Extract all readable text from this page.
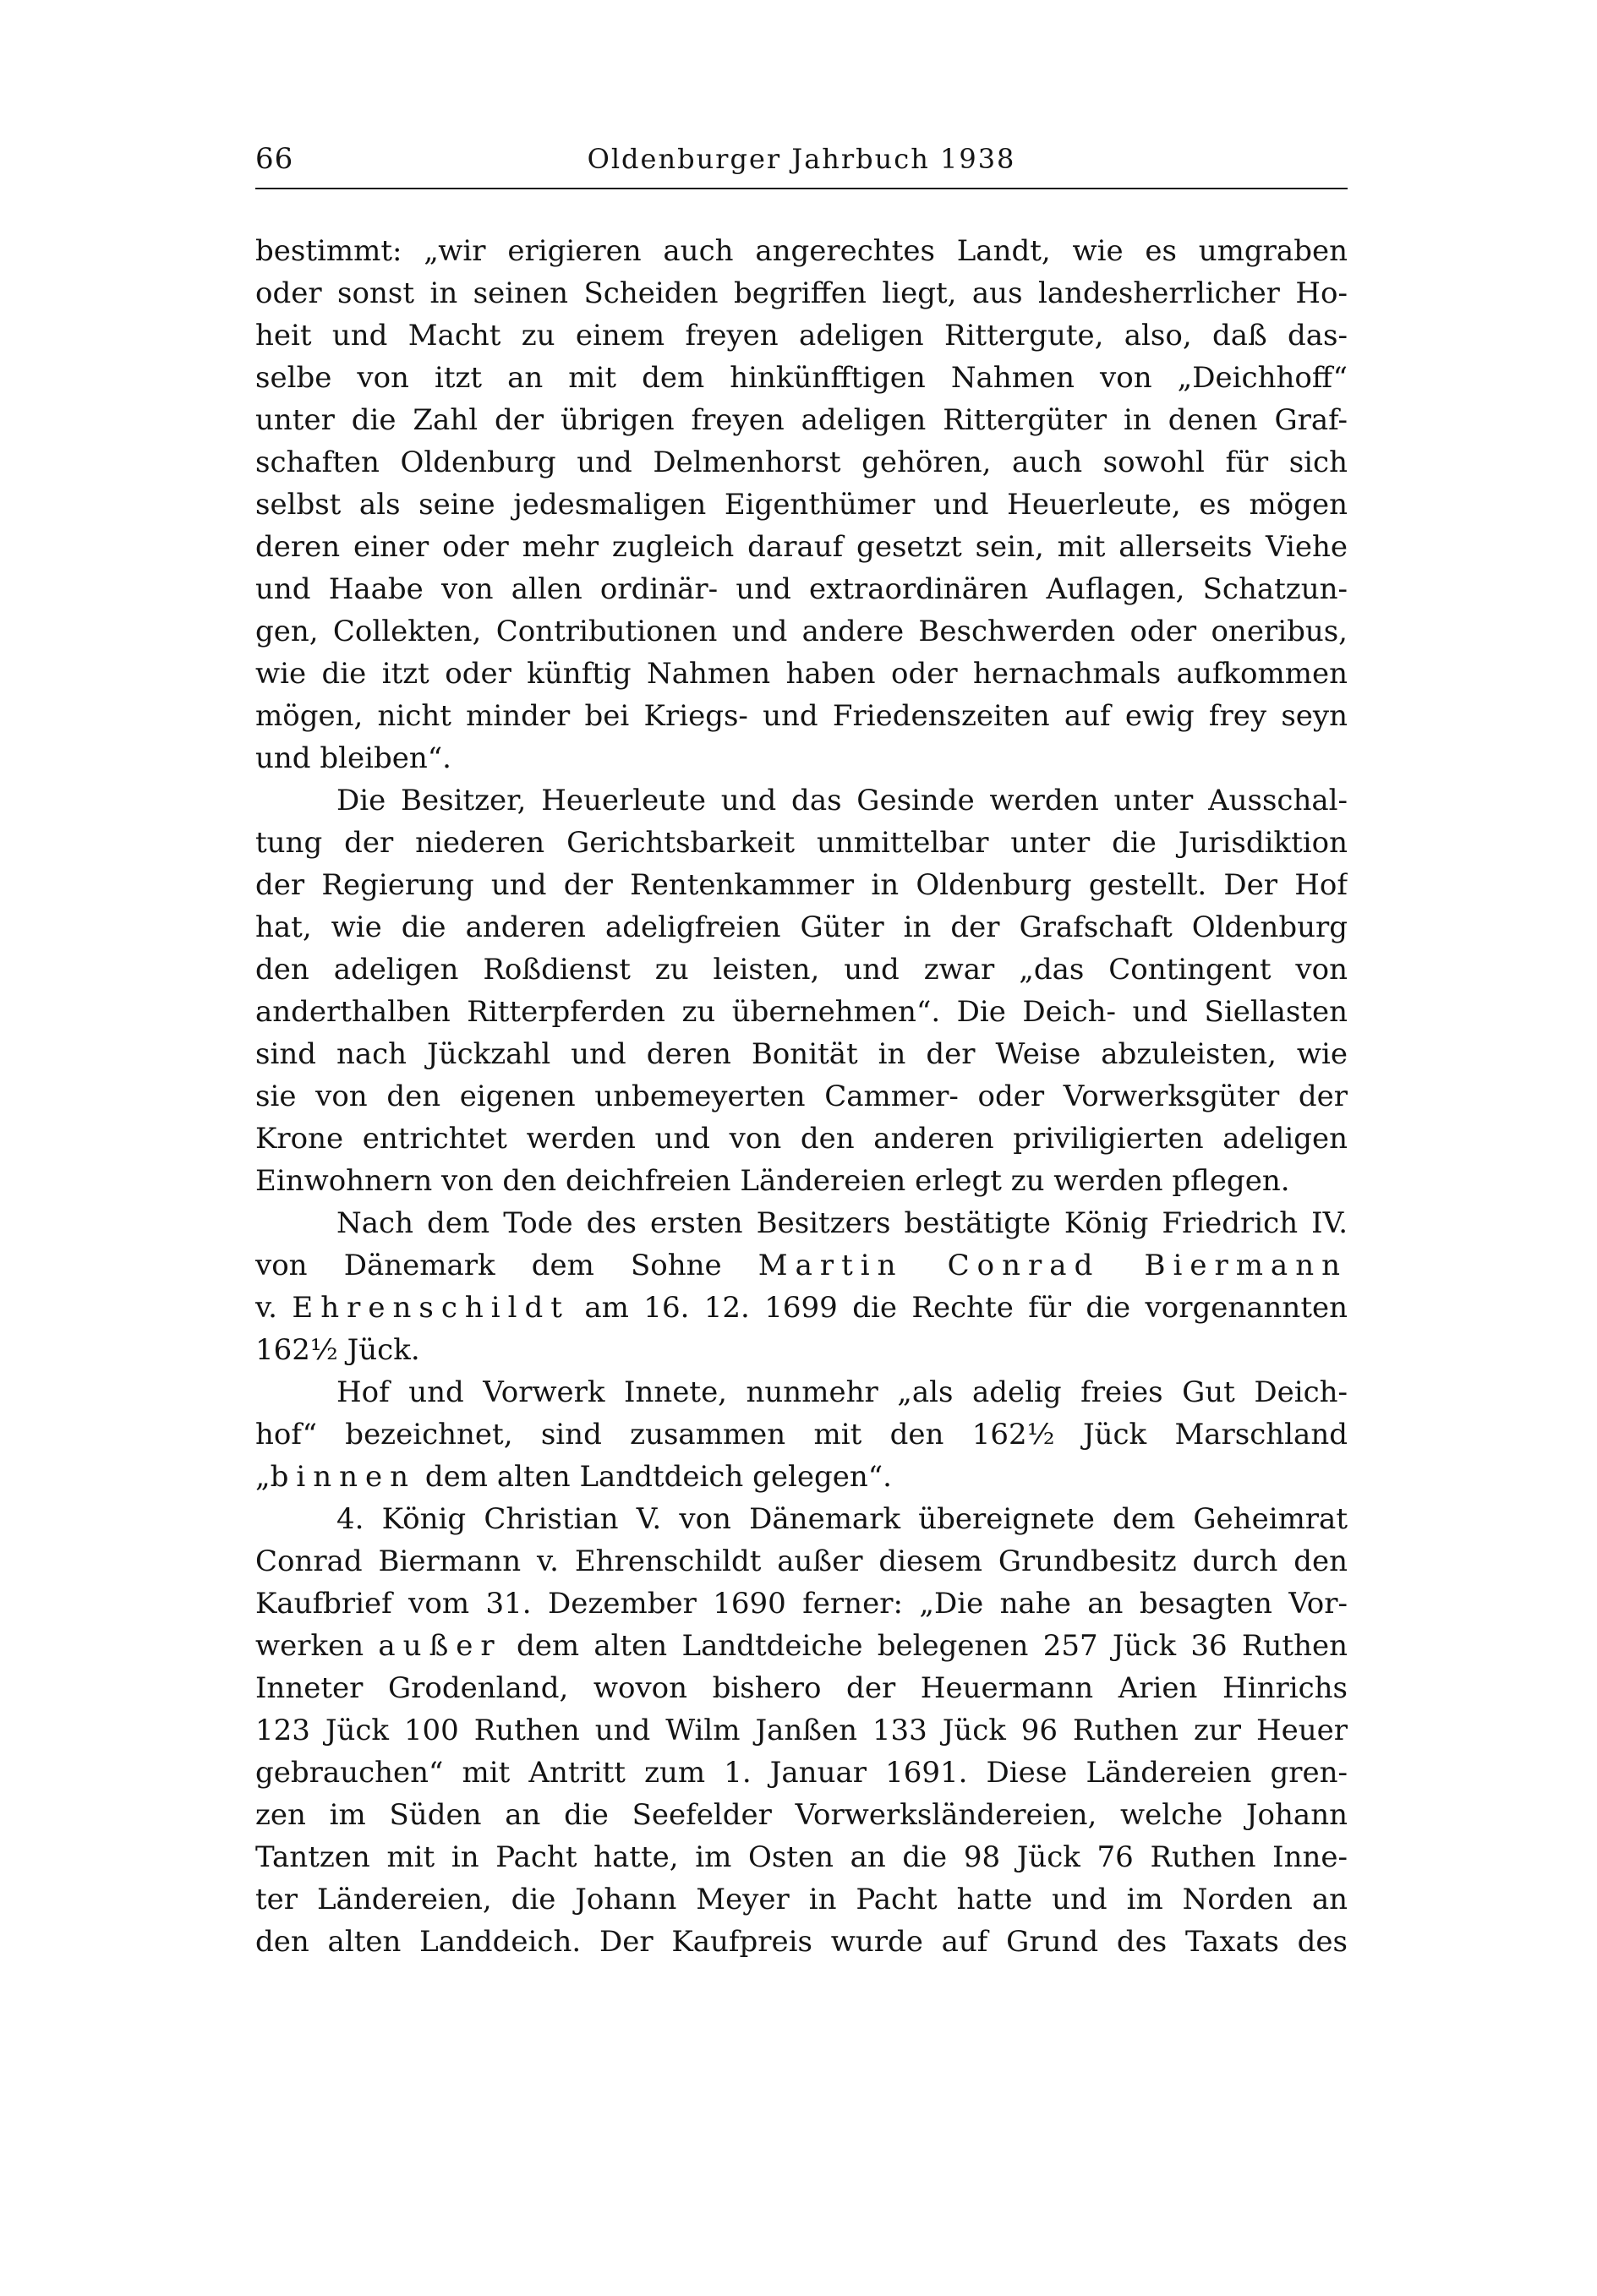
66	Oldenburger Jahrbuch 1938
bestimmt: „wir erigieren auch angerechtes Landt, wie es umgraben
oder sonst in seinen Scheiden begriffen liegt, aus landesherrlicher Ho-
heit und Macht zu einem freyen adeligen Rittergute, also, daß das-
selbe von itzt an mit dem hinkünfftigen Nahmen von „Deichhoff“
unter die Zahl der übrigen freyen adeligen Rittergüter in denen Graf-
schaften Oldenburg und Delmenhorst gehören, auch sowohl für sich
selbst als seine jedesmaligen Eigenthümer und Heuerleute, es mögen
deren einer oder mehr zugleich darauf gesetzt sein, mit allerseits Viehe
und Haabe von allen ordinär- und extraordinären Auflagen, Schatzun-
gen, Collekten, Contributionen und andere Beschwerden oder oneribus,
wie die itzt oder künftig Nahmen haben oder hernachmals aufkommen
mögen, nicht minder bei Kriegs- und Friedenszeiten auf ewig frey seyn
und bleiben“.
Die Besitzer, Heuerleute und das Gesinde werden unter Ausschal-
tung der niederen Gerichtsbarkeit unmittelbar unter die Jurisdiktion
der Regierung und der Rentenkammer in Oldenburg gestellt. Der Hof
hat, wie die anderen adeligfreien Güter in der Grafschaft Oldenburg
den adeligen Roßdienst zu leisten, und zwar „das Contingent von
anderthalben Ritterpferden zu übernehmen“. Die Deich- und Siellasten
sind nach Jückzahl und deren Bonität in der Weise abzuleisten, wie
sie von den eigenen unbemeyerten Cammer- oder Vorwerksgüter der
Krone entrichtet werden und von den anderen priviligierten adeligen
Einwohnern von den deichfreien Ländereien erlegt zu werden pflegen.
Nach dem Tode des ersten Besitzers bestätigte König Friedrich IV.
von Dänemark dem Sohne Martin Conrad Biermann
v. Ehrenschildt am 16. 12. 1699 die Rechte für die vorgenannten
162½ Jück.
Hof und Vorwerk Innete, nunmehr „als adelig freies Gut Deich-
hof“ bezeichnet, sind zusammen mit den 162½ Jück Marschland
„binnen dem alten Landtdeich gelegen“.
4. König Christian V. von Dänemark übereignete dem Geheimrat
Conrad Biermann v. Ehrenschildt außer diesem Grundbesitz durch den
Kaufbrief vom 31. Dezember 1690 ferner: „Die nahe an besagten Vor-
werken außer dem alten Landtdeiche belegenen 257 Jück 36 Ruthen
Inneter Grodenland, wovon bishero der Heuermann Arien Hinrichs
123 Jück 100 Ruthen und Wilm Janßen 133 Jück 96 Ruthen zur Heuer
gebrauchen“ mit Antritt zum 1. Januar 1691. Diese Ländereien gren-
zen im Süden an die Seefelder Vorwerksländereien, welche Johann
Tantzen mit in Pacht hatte, im Osten an die 98 Jück 76 Ruthen Inne-
ter Ländereien, die Johann Meyer in Pacht hatte und im Norden an
den alten Landdeich. Der Kaufpreis wurde auf Grund des Taxats des
